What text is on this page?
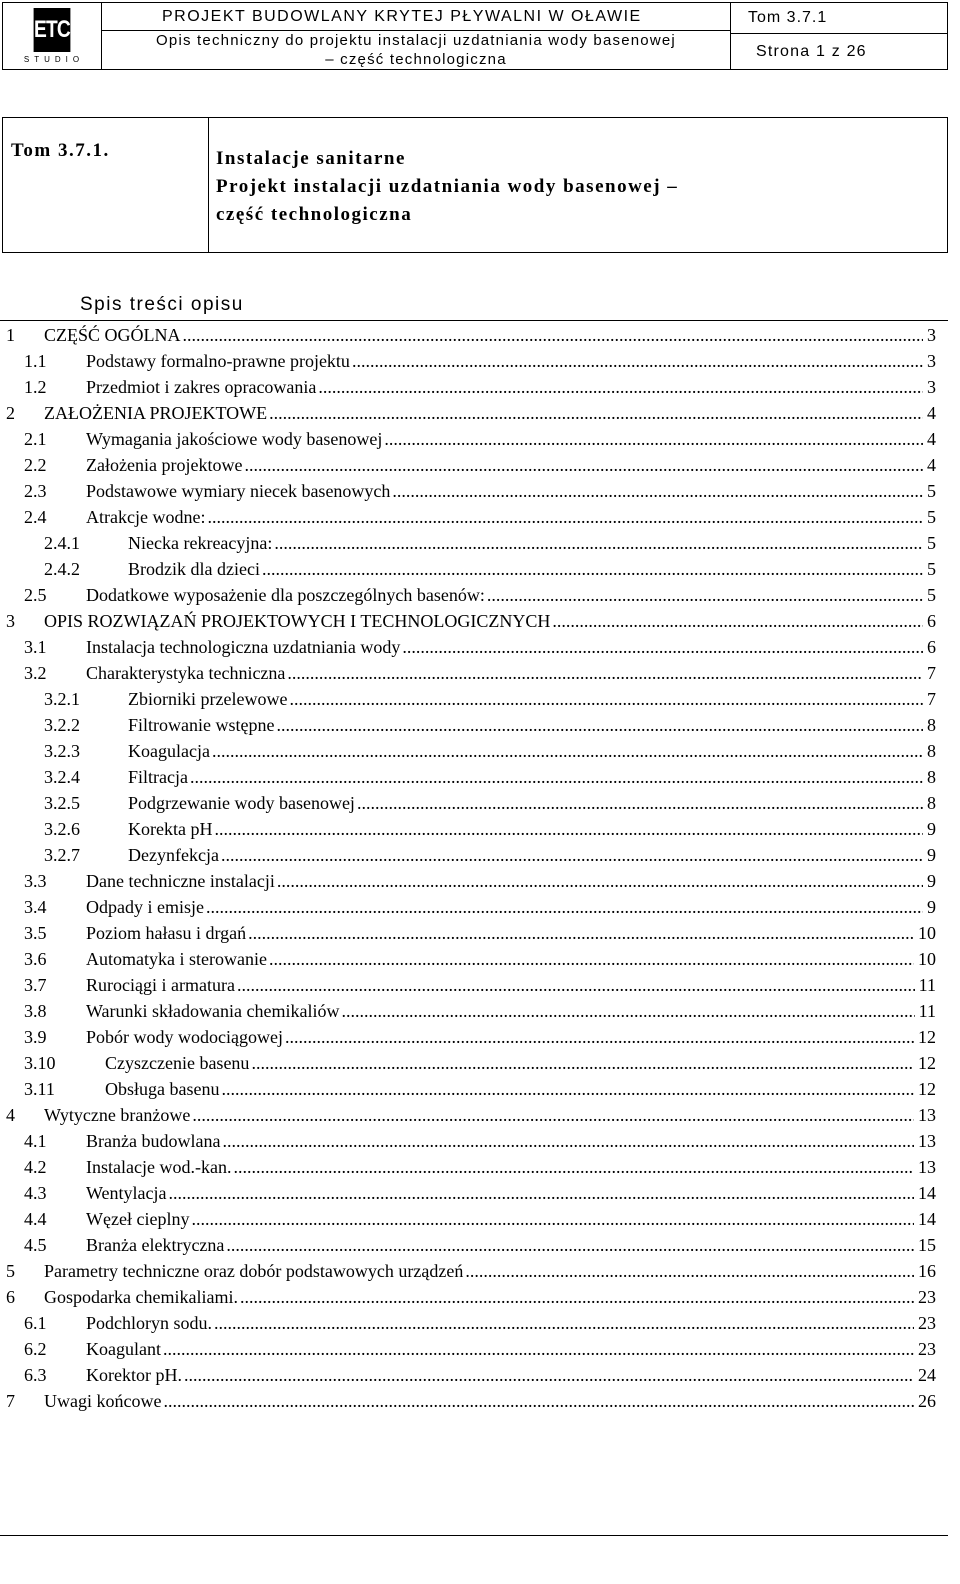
ETC
STUDIO
PROJEKT BUDOWLANY KRYTEJ PŁYWALNI W OŁAWIE
Opis techniczny do projektu instalacji uzdatniania wody basenowej
– część technologiczna
Tom 3.7.1
Strona 1 z 26
Tom 3.7.1.	Instalacje sanitarne
Projekt instalacji uzdatniania wody basenowej –
część technologiczna
Spis treści opisu
1 CZĘŚĆ OGÓLNA .....	3
1.1 Podstawy formalno-prawne projektu .....	3
1.2 Przedmiot i zakres opracowania .....	3
2 ZAŁOŻENIA PROJEKTOWE .....	4
2.1 Wymagania jakościowe wody basenowej .....	4
2.2 Założenia projektowe .....	4
2.3 Podstawowe wymiary niecek basenowych .....	5
2.4 Atrakcje wodne: .....	5
2.4.1	Niecka rekreacyjna: .....	5
2.4.2	Brodzik dla dzieci .....	5
2.5 Dodatkowe wyposażenie dla poszczególnych basenów: .....	5
3 OPIS ROZWIĄZAŃ PROJEKTOWYCH I TECHNOLOGICZNYCH .....	6
3.1 Instalacja technologiczna uzdatniania wody .....	6
3.2 Charakterystyka techniczna .....	7
3.2.1	Zbiorniki przelewowe .....	7
3.2.2	Filtrowanie wstępne .....	8
3.2.3	Koagulacja .....	8
3.2.4	Filtracja .....	8
3.2.5	Podgrzewanie wody basenowej .....	8
3.2.6	Korekta pH .....	9
3.2.7	Dezynfekcja .....	9
3.3 Dane techniczne instalacji .....	9
3.4 Odpady i emisje .....	9
3.5 Poziom hałasu i drgań .....	10
3.6 Automatyka i sterowanie .....	10
3.7 Rurociągi i armatura .....	11
3.8 Warunki składowania chemikaliów .....	11
3.9 Pobór wody wodociągowej .....	12
3.10	Czyszczenie basenu .....	12
3.11	Obsługa basenu .....	12
4 Wytyczne branżowe .....	13
4.1 Branża budowlana .....	13
4.2 Instalacje wod.-kan. .....	13
4.3 Wentylacja .....	14
4.4 Węzeł cieplny .....	14
4.5 Branża elektryczna .....	15
5 Parametry techniczne oraz dobór podstawowych urządzeń .....	16
6 Gospodarka chemikaliami. .....	23
6.1 Podchloryn sodu. .....	23
6.2 Koagulant .....	23
6.3 Korektor pH. .....	24
7 Uwagi końcowe .....	26
